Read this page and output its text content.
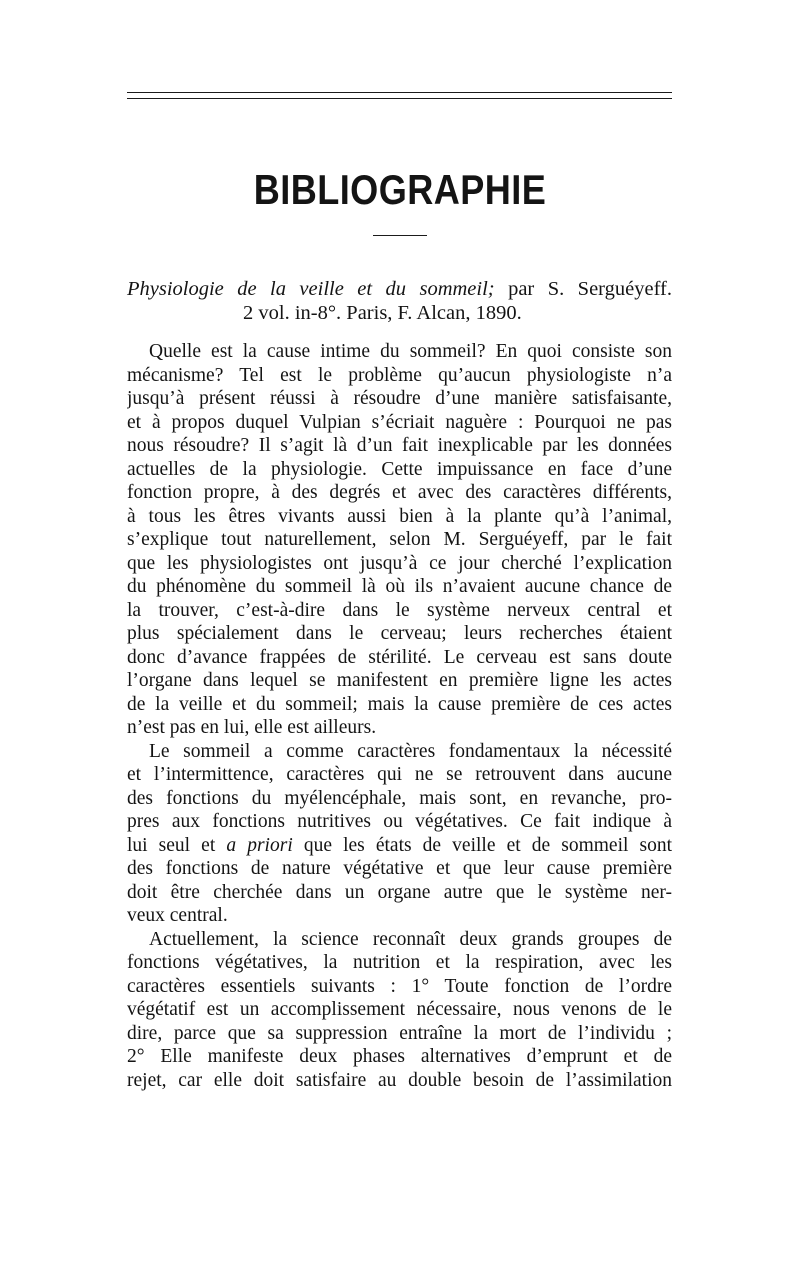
BIBLIOGRAPHIE
Physiologie de la veille et du sommeil; par S. Serguéyeff.
2 vol. in-8°. Paris, F. Alcan, 1890.
Quelle est la cause intime du sommeil? En quoi consiste son
mécanisme? Tel est le problème qu’aucun physiologiste n’a
jusqu’à présent réussi à résoudre d’une manière satisfaisante,
et à propos duquel Vulpian s’écriait naguère : Pourquoi ne pas
nous résoudre? Il s’agit là d’un fait inexplicable par les données
actuelles de la physiologie. Cette impuissance en face d’une
fonction propre, à des degrés et avec des caractères différents,
à tous les êtres vivants aussi bien à la plante qu’à l’animal,
s’explique tout naturellement, selon M. Serguéyeff, par le fait
que les physiologistes ont jusqu’à ce jour cherché l’explication
du phénomène du sommeil là où ils n’avaient aucune chance de
la trouver, c’est-à-dire dans le système nerveux central et
plus spécialement dans le cerveau; leurs recherches étaient
donc d’avance frappées de stérilité. Le cerveau est sans doute
l’organe dans lequel se manifestent en première ligne les actes
de la veille et du sommeil; mais la cause première de ces actes
n’est pas en lui, elle est ailleurs.
Le sommeil a comme caractères fondamentaux la nécessité
et l’intermittence, caractères qui ne se retrouvent dans aucune
des fonctions du myélencéphale, mais sont, en revanche, pro-
pres aux fonctions nutritives ou végétatives. Ce fait indique à
lui seul et a priori que les états de veille et de sommeil sont
des fonctions de nature végétative et que leur cause première
doit être cherchée dans un organe autre que le système ner-
veux central.
Actuellement, la science reconnaît deux grands groupes de
fonctions végétatives, la nutrition et la respiration, avec les
caractères essentiels suivants : 1° Toute fonction de l’ordre
végétatif est un accomplissement nécessaire, nous venons de le
dire, parce que sa suppression entraîne la mort de l’individu ;
2° Elle manifeste deux phases alternatives d’emprunt et de
rejet, car elle doit satisfaire au double besoin de l’assimilation
